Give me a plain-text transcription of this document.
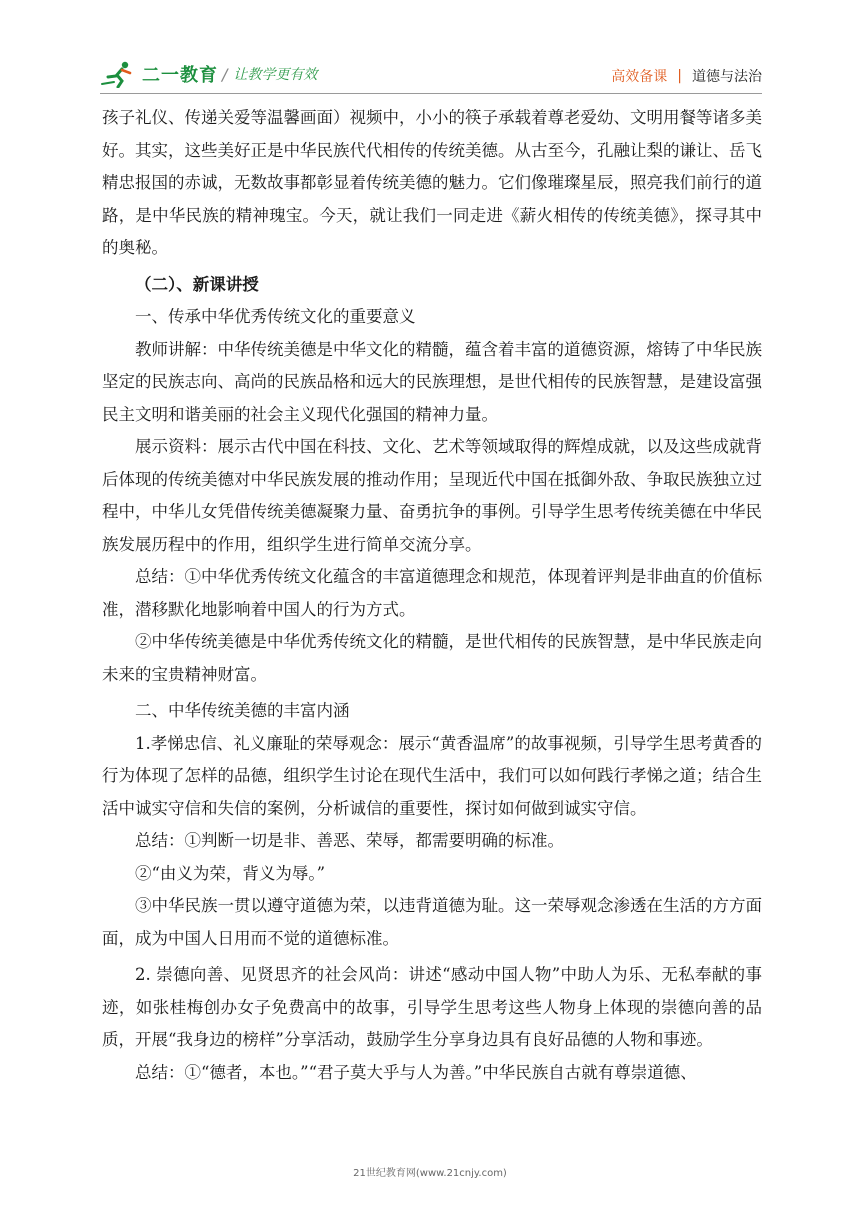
二一教育 / 让教学更有效	高效备课 | 道德与法治

孩子礼仪、传递关爱等温馨画面）视频中，小小的筷子承载着尊老爱幼、文明用餐等诸多美好。其实，这些美好正是中华民族代代相传的传统美德。从古至今，孔融让梨的谦让、岳飞精忠报国的赤诚，无数故事都彰显着传统美德的魅力。它们像璀璨星辰，照亮我们前行的道路，是中华民族的精神瑰宝。今天，就让我们一同走进《薪火相传的传统美德》，探寻其中的奥秘。

（二）、新课讲授

一、传承中华优秀传统文化的重要意义

教师讲解：中华传统美德是中华文化的精髓，蕴含着丰富的道德资源，熔铸了中华民族坚定的民族志向、高尚的民族品格和远大的民族理想，是世代相传的民族智慧，是建设富强民主文明和谐美丽的社会主义现代化强国的精神力量。

展示资料：展示古代中国在科技、文化、艺术等领域取得的辉煌成就，以及这些成就背后体现的传统美德对中华民族发展的推动作用；呈现近代中国在抵御外敌、争取民族独立过程中，中华儿女凭借传统美德凝聚力量、奋勇抗争的事例。引导学生思考传统美德在中华民族发展历程中的作用，组织学生进行简单交流分享。

总结：①中华优秀传统文化蕴含的丰富道德理念和规范，体现着评判是非曲直的价值标准，潜移默化地影响着中国人的行为方式。

②中华传统美德是中华优秀传统文化的精髓，是世代相传的民族智慧，是中华民族走向未来的宝贵精神财富。

二、中华传统美德的丰富内涵

1.孝悌忠信、礼义廉耻的荣辱观念：展示“黄香温席”的故事视频，引导学生思考黄香的行为体现了怎样的品德，组织学生讨论在现代生活中，我们可以如何践行孝悌之道；结合生活中诚实守信和失信的案例，分析诚信的重要性，探讨如何做到诚实守信。

总结：①判断一切是非、善恶、荣辱，都需要明确的标准。

②“由义为荣，背义为辱。”

③中华民族一贯以遵守道德为荣，以违背道德为耻。这一荣辱观念渗透在生活的方方面面，成为中国人日用而不觉的道德标准。

2. 崇德向善、见贤思齐的社会风尚：讲述“感动中国人物”中助人为乐、无私奉献的事迹，如张桂梅创办女子免费高中的故事，引导学生思考这些人物身上体现的崇德向善的品质，开展“我身边的榜样”分享活动，鼓励学生分享身边具有良好品德的人物和事迹。

总结：①“德者，本也。”“君子莫大乎与人为善。”中华民族自古就有尊崇道德、

21世纪教育网(www.21cnjy.com)
